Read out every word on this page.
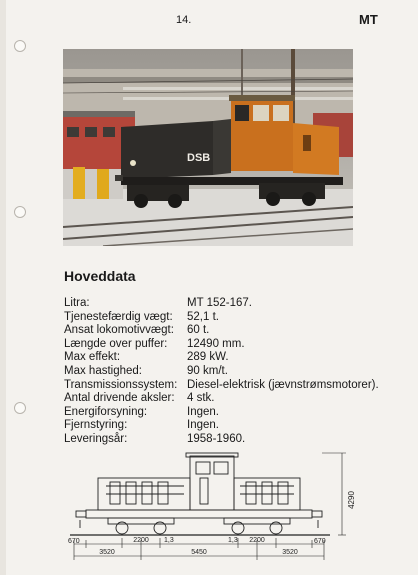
14.	MT
DSB
Hoveddata
Litra:	MT 152-167.
Tjenestefærdig vægt: 52,1 t.
Ansat lokomotivvægt: 60 t.
Længde over puffer: 12490 mm.
Max effekt:	289 kW.
Max hastighed:	90 km/t.
Transmissionssystem: Diesel-elektrisk (jævnstrømsmotorer).
Antal drivende aksler: 4 stk.
Energiforsyning:	Ingen.
Fjernstyring:	Ingen.
Leveringsår:	1958-1960.
4290
670	670
1,3	1,3
2200	2200
3520	5450	3520
